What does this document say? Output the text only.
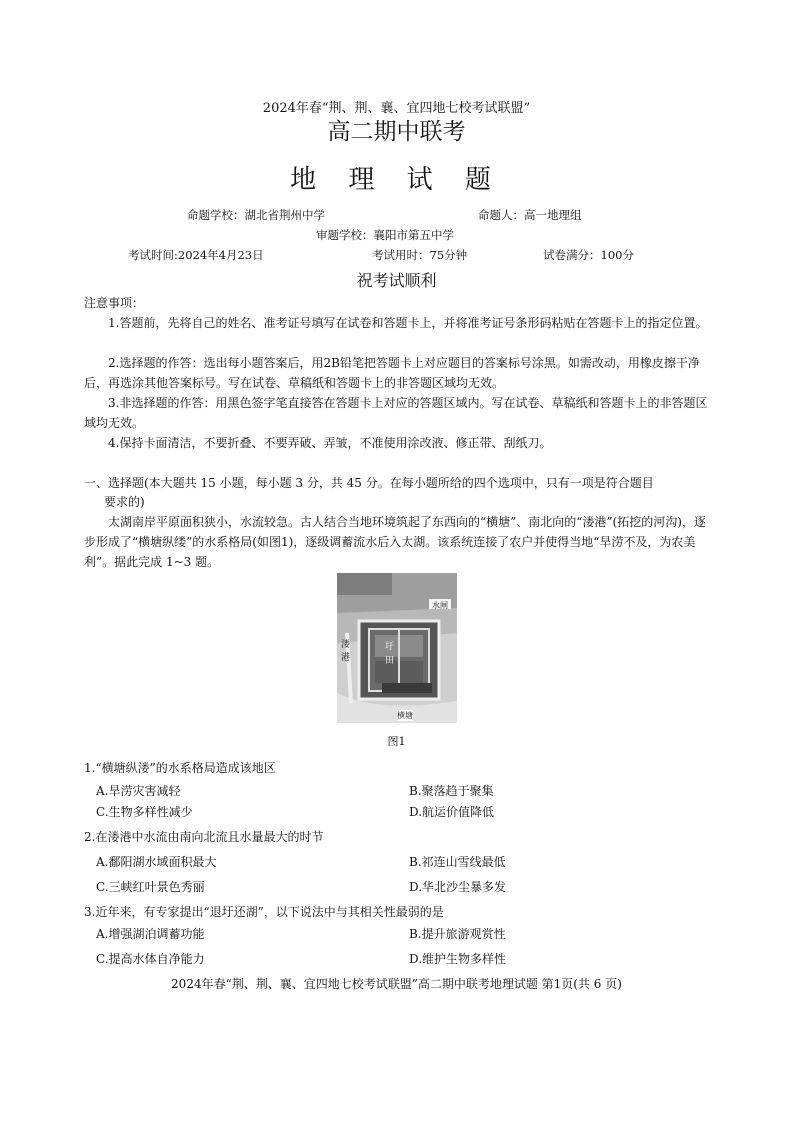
2024年春“荆、荆、襄、宜四地七校考试联盟”
高二期中联考
地 理 试 题
命题学校：湖北省荆州中学	命题人：高一地理组
审题学校：襄阳市第五中学
考试时间:2024年4月23日	考试用时：75分钟	试卷满分：100分
祝考试顺利
注意事项：
1.答题前，先将自己的姓名、准考证号填写在试卷和答题卡上，并将准考证号条形码粘贴在答题卡上的指定位置。
2.选择题的作答：选出每小题答案后，用2B铅笔把答题卡上对应题目的答案标号涂黑。如需改动，用橡皮擦干净后，再选涂其他答案标号。写在试卷、草稿纸和答题卡上的非答题区域均无效。
3.非选择题的作答：用黑色签字笔直接答在答题卡上对应的答题区域内。写在试卷、草稿纸和答题卡上的非答题区域均无效。
4.保持卡面清洁，不要折叠、不要弄破、弄皱，不准使用涂改液、修正带、刮纸刀。
一、选择题(本大题共 15 小题，每小题 3 分，共 45 分。在每小题所给的四个选项中，只有一项是符合题目
要求的)
太湖南岸平原面积狭小，水流较急。古人结合当地环境筑起了东西向的“横塘”、南北向的“溇港”(拓挖的河沟)，逐步形成了“横塘纵缕”的水系格局(如图1)，逐级调蓄流水后入太湖。该系统连接了农户并使得当地“旱涝不及，为农美利”。据此完成 1~3 题。
水闸
圩
田
溇
港
横塘
图1
1.“横塘纵溇”的水系格局造成该地区
A.旱涝灾害减轻	B.聚落趋于聚集
C.生物多样性减少	D.航运价值降低
2.在溇港中水流由南向北流且水量最大的时节
A.鄱阳湖水域面积最大	B.祁连山雪线最低
C.三峡红叶景色秀丽	D.华北沙尘暴多发
3.近年来，有专家提出“退圩还湖”，以下说法中与其相关性最弱的是
A.增强湖泊调蓄功能	B.提升旅游观赏性
C.提高水体自净能力	D.维护生物多样性
2024年春“荆、荆、襄、宜四地七校考试联盟”高二期中联考地理试题 第1页(共 6 页)
